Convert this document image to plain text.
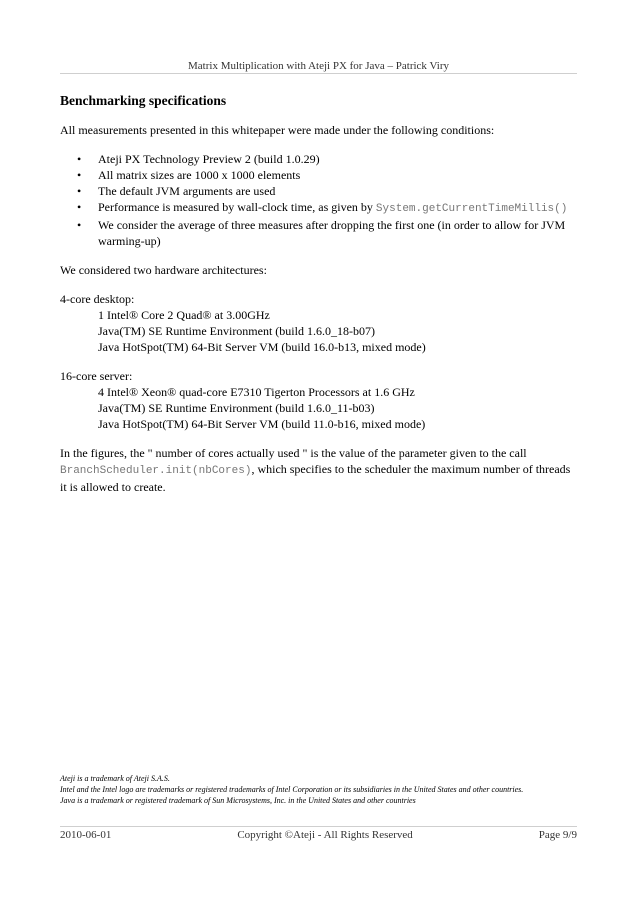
Matrix Multiplication with Ateji PX for Java – Patrick Viry
Benchmarking specifications

All measurements presented in this whitepaper were made under the following conditions:

• Ateji PX Technology Preview 2 (build 1.0.29)
• All matrix sizes are 1000 x 1000 elements
• The default JVM arguments are used
• Performance is measured by wall-clock time, as given by System.getCurrentTimeMillis()
• We consider the average of three measures after dropping the first one (in order to allow for JVM warming-up)

We considered two hardware architectures:

4-core desktop:
1 Intel® Core 2 Quad® at 3.00GHz
Java(TM) SE Runtime Environment (build 1.6.0_18-b07)
Java HotSpot(TM) 64-Bit Server VM (build 16.0-b13, mixed mode)
16-core server:
4 Intel® Xeon® quad-core E7310 Tigerton Processors at 1.6 GHz
Java(TM) SE Runtime Environment (build 1.6.0_11-b03)
Java HotSpot(TM) 64-Bit Server VM (build 11.0-b16, mixed mode)

In the figures, the " number of cores actually used " is the value of the parameter given to the call BranchScheduler.init(nbCores), which specifies to the scheduler the maximum number of threads it is allowed to create.

Ateji is a trademark of Ateji S.A.S.
Intel and the Intel logo are trademarks or registered trademarks of Intel Corporation or its subsidiaries in the United States and other countries.
Java is a trademark or registered trademark of Sun Microsystems, Inc. in the United States and other countries
2010-06-01	Copyright ©Ateji - All Rights Reserved	Page 9/9
